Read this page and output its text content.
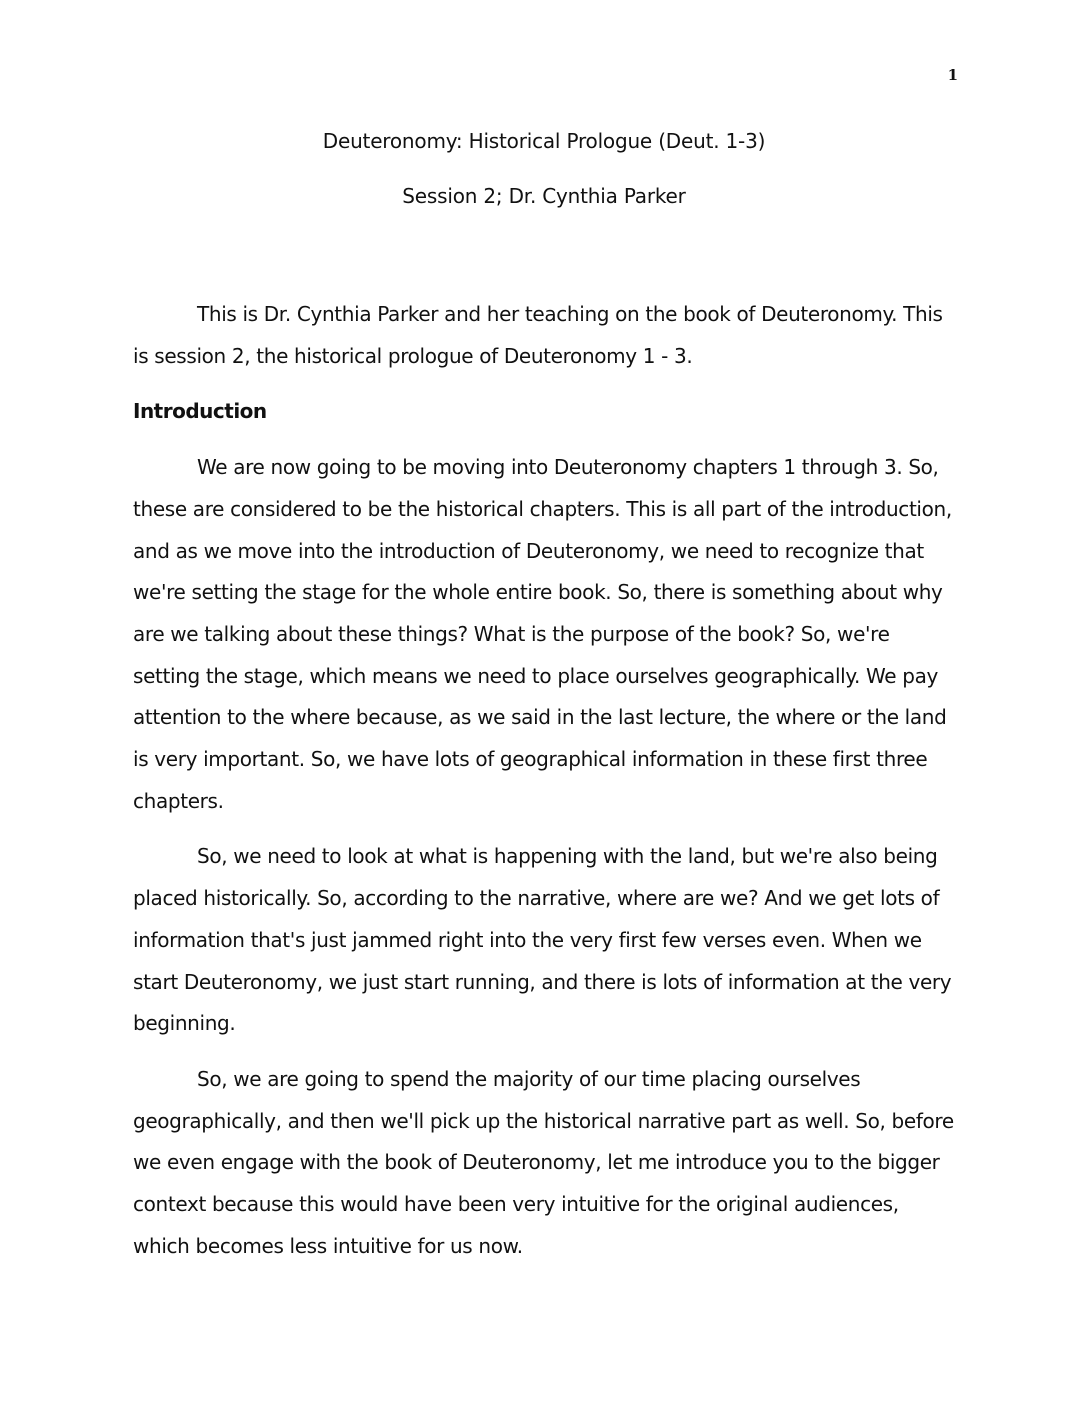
1
Deuteronomy: Historical Prologue (Deut. 1-3)
Session 2; Dr. Cynthia Parker

This is Dr. Cynthia Parker and her teaching on the book of Deuteronomy. This is session 2, the historical prologue of Deuteronomy 1 - 3.

Introduction

We are now going to be moving into Deuteronomy chapters 1 through 3. So, these are considered to be the historical chapters. This is all part of the introduction, and as we move into the introduction of Deuteronomy, we need to recognize that we're setting the stage for the whole entire book. So, there is something about why are we talking about these things? What is the purpose of the book? So, we're setting the stage, which means we need to place ourselves geographically. We pay attention to the where because, as we said in the last lecture, the where or the land is very important. So, we have lots of geographical information in these first three chapters.

So, we need to look at what is happening with the land, but we're also being placed historically. So, according to the narrative, where are we? And we get lots of information that's just jammed right into the very first few verses even. When we start Deuteronomy, we just start running, and there is lots of information at the very beginning.

So, we are going to spend the majority of our time placing ourselves geographically, and then we'll pick up the historical narrative part as well. So, before we even engage with the book of Deuteronomy, let me introduce you to the bigger context because this would have been very intuitive for the original audiences, which becomes less intuitive for us now.
